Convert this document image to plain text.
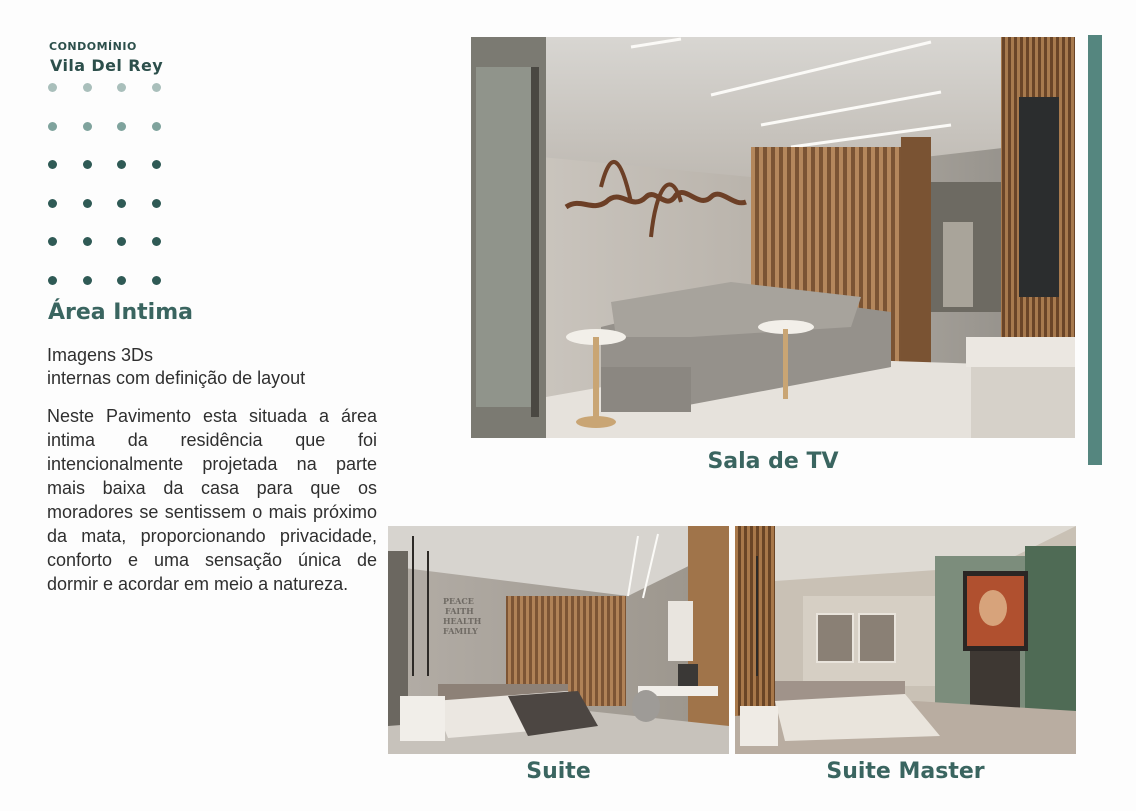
CONDOMÍNIO
Vila Del Rey
Área Intima
Imagens 3Ds
internas com definição de layout
Neste Pavimento esta situada a área intima da residência que foi intencionalmente projetada na parte mais baixa da casa para que os moradores se sentissem o mais próximo da mata, proporcionando privacidade, conforto e uma sensação única de dormir e acordar em meio a natureza.
Sala de TV
PEACE
FAITH
HEALTH
FAMILY
Suite	Suite Master
